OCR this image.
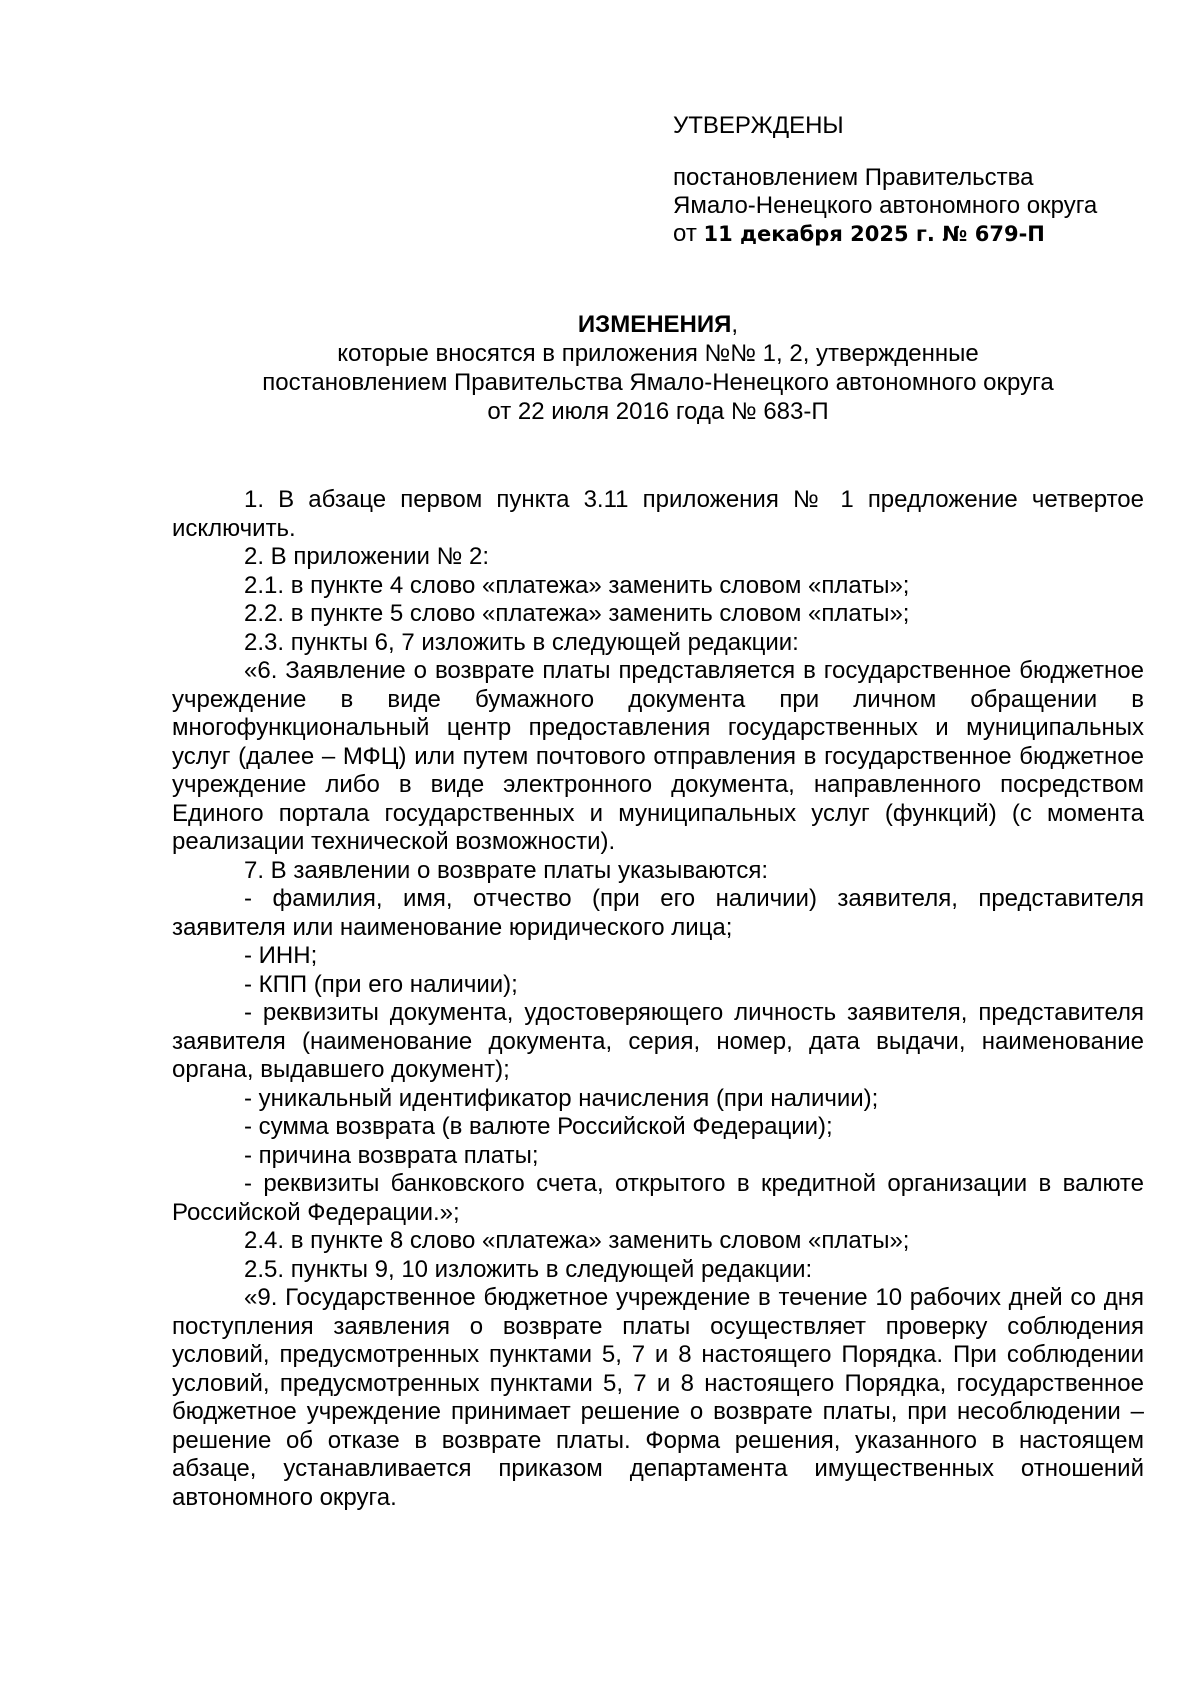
УТВЕРЖДЕНЫ
постановлением Правительства
Ямало-Ненецкого автономного округа
от 11 декабря 2025 г. № 679-П
ИЗМЕНЕНИЯ,
которые вносятся в приложения №№ 1, 2, утвержденные
постановлением Правительства Ямало-Ненецкого автономного округа
от 22 июля 2016 года № 683-П

1. В абзаце первом пункта 3.11 приложения № 1 предложение четвертое исключить.

2. В приложении № 2:

2.1. в пункте 4 слово «платежа» заменить словом «платы»;

2.2. в пункте 5 слово «платежа» заменить словом «платы»;

2.3. пункты 6, 7 изложить в следующей редакции:

«6. Заявление о возврате платы представляется в государственное бюджетное учреждение в виде бумажного документа при личном обращении в многофункциональный центр предоставления государственных и муниципальных услуг (далее – МФЦ) или путем почтового отправления в государственное бюджетное учреждение либо в виде электронного документа, направленного посредством Единого портала государственных и муниципальных услуг (функций) (с момента реализации технической возможности).

7. В заявлении о возврате платы указываются:

- фамилия, имя, отчество (при его наличии) заявителя, представителя заявителя или наименование юридического лица;

- ИНН;

- КПП (при его наличии);

- реквизиты документа, удостоверяющего личность заявителя, представителя заявителя (наименование документа, серия, номер, дата выдачи, наименование органа, выдавшего документ);

- уникальный идентификатор начисления (при наличии);

- сумма возврата (в валюте Российской Федерации);

- причина возврата платы;

- реквизиты банковского счета, открытого в кредитной организации в валюте Российской Федерации.»;

2.4. в пункте 8 слово «платежа» заменить словом «платы»;

2.5. пункты 9, 10 изложить в следующей редакции:

«9. Государственное бюджетное учреждение в течение 10 рабочих дней со дня поступления заявления о возврате платы осуществляет проверку соблюдения условий, предусмотренных пунктами 5, 7 и 8 настоящего Порядка. При соблюдении условий, предусмотренных пунктами 5, 7 и 8 настоящего Порядка, государственное бюджетное учреждение принимает решение о возврате платы, при несоблюдении – решение об отказе в возврате платы. Форма решения, указанного в настоящем абзаце, устанавливается приказом департамента имущественных отношений автономного округа.
